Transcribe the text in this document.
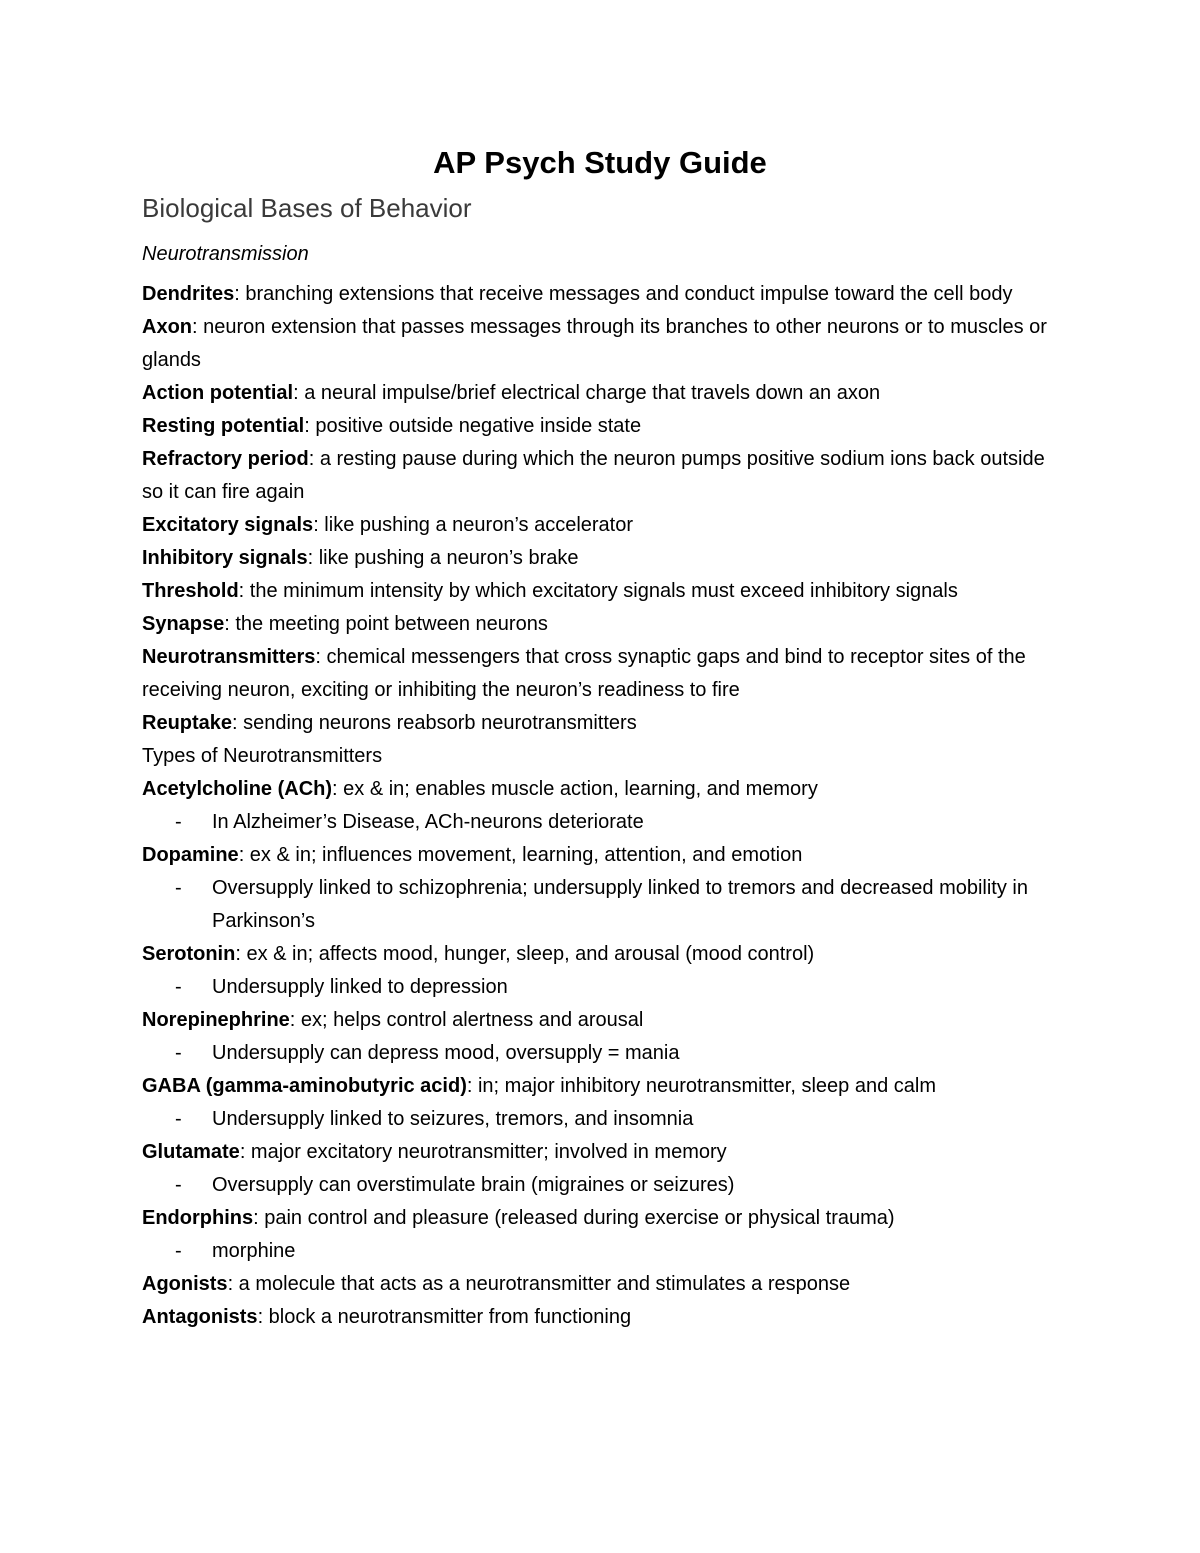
AP Psych Study Guide
Biological Bases of Behavior
Neurotransmission
Dendrites: branching extensions that receive messages and conduct impulse toward the cell body
Axon: neuron extension that passes messages through its branches to other neurons or to muscles or glands
Action potential: a neural impulse/brief electrical charge that travels down an axon
Resting potential: positive outside negative inside state
Refractory period: a resting pause during which the neuron pumps positive sodium ions back outside so it can fire again
Excitatory signals: like pushing a neuron’s accelerator
Inhibitory signals: like pushing a neuron’s brake
Threshold: the minimum intensity by which excitatory signals must exceed inhibitory signals
Synapse: the meeting point between neurons
Neurotransmitters: chemical messengers that cross synaptic gaps and bind to receptor sites of the receiving neuron, exciting or inhibiting the neuron’s readiness to fire
Reuptake: sending neurons reabsorb neurotransmitters
Types of Neurotransmitters
Acetylcholine (ACh): ex & in; enables muscle action, learning, and memory
- In Alzheimer’s Disease, ACh-neurons deteriorate
Dopamine: ex & in; influences movement, learning, attention, and emotion
- Oversupply linked to schizophrenia; undersupply linked to tremors and decreased mobility in Parkinson’s
Serotonin: ex & in; affects mood, hunger, sleep, and arousal (mood control)
- Undersupply linked to depression
Norepinephrine: ex; helps control alertness and arousal
- Undersupply can depress mood, oversupply = mania
GABA (gamma-aminobutyric acid): in; major inhibitory neurotransmitter, sleep and calm
- Undersupply linked to seizures, tremors, and insomnia
Glutamate: major excitatory neurotransmitter; involved in memory
- Oversupply can overstimulate brain (migraines or seizures)
Endorphins: pain control and pleasure (released during exercise or physical trauma)
- morphine
Agonists: a molecule that acts as a neurotransmitter and stimulates a response
Antagonists: block a neurotransmitter from functioning
